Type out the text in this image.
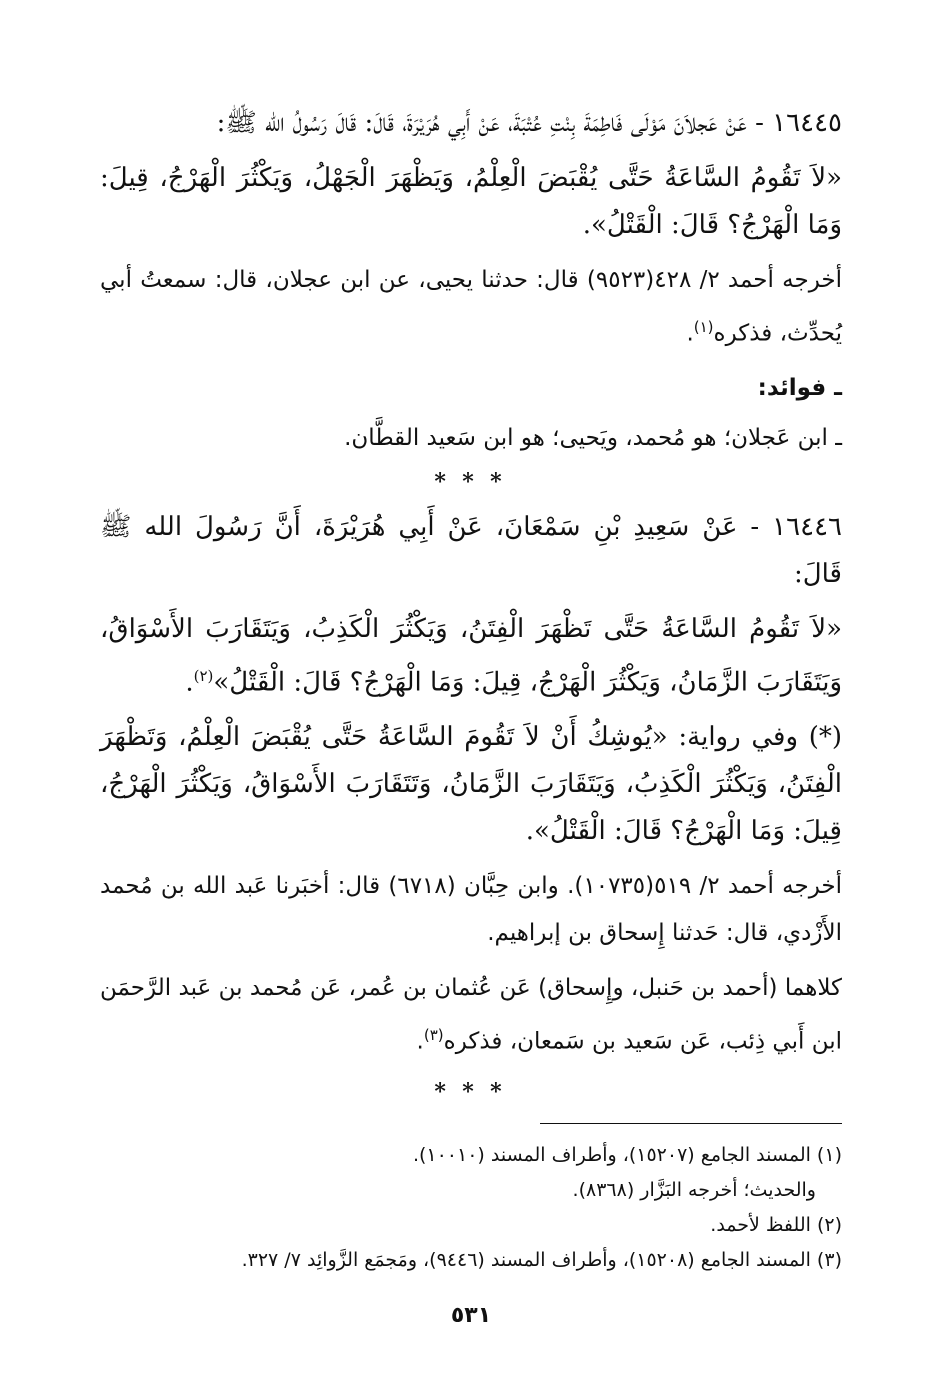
١٦٤٤٥ - عَنْ عَجلاَنَ مَوْلَى فَاطِمَةَ بِنْتِ عُتْبَةَ، عَنْ أَبِي هُرَيْرَةَ، قَالَ: قَالَ رَسُولُ الله ﷺ:

«لاَ تَقُومُ السَّاعَةُ حَتَّى يُقْبَضَ الْعِلْمُ، وَيَظْهَرَ الْجَهْلُ، وَيَكْثُرَ الْهَرْجُ، قِيلَ: وَمَا الْهَرْجُ؟ قَالَ: الْقَتْلُ».

أخرجه أحمد ٢/ ٤٢٨(٩٥٢٣) قال: حدثنا يحيى، عن ابن عجلان، قال: سمعتُ أبي يُحدِّث، فذكره$^{(١)}$.

ـ فوائد:

ـ ابن عَجلان؛ هو مُحمد، ويَحيى؛ هو ابن سَعيد القطَّان.

* * *

١٦٤٤٦ - عَنْ سَعِيدِ بْنِ سَمْعَانَ، عَنْ أَبِي هُرَيْرَةَ، أَنَّ رَسُولَ الله ﷺ قَالَ:

«لاَ تَقُومُ السَّاعَةُ حَتَّى تَظْهَرَ الْفِتَنُ، وَيَكْثُرَ الْكَذِبُ، وَيَتَقَارَبَ الأَسْوَاقُ، وَيَتَقَارَبَ الزَّمَانُ، وَيَكْثُرَ الْهَرْجُ، قِيلَ: وَمَا الْهَرْجُ؟ قَالَ: الْقَتْلُ»$^{(٢)}$.

(*) وفي رواية: «يُوشِكُ أَنْ لاَ تَقُومَ السَّاعَةُ حَتَّى يُقْبَضَ الْعِلْمُ، وَتَظْهَرَ الْفِتَنُ، وَيَكْثُرَ الْكَذِبُ، وَيَتَقَارَبَ الزَّمَانُ، وَتَتَقَارَبَ الأَسْوَاقُ، وَيَكْثُرَ الْهَرْجُ، قِيلَ: وَمَا الْهَرْجُ؟ قَالَ: الْقَتْلُ».

أخرجه أحمد ٢/ ٥١٩(١٠٧٣٥). وابن حِبَّان (٦٧١٨) قال: أخبَرنا عَبد الله بن مُحمد الأَزْدي، قال: حَدثنا إِسحاق بن إبراهيم.

كلاهما (أحمد بن حَنبل، وإِسحاق) عَن عُثمان بن عُمر، عَن مُحمد بن عَبد الرَّحمَن ابن أَبي ذِئب، عَن سَعيد بن سَمعان، فذكره$^{(٣)}$.

* * *

(١) المسند الجامع (١٥٢٠٧)، وأطراف المسند (١٠٠١٠).

والحديث؛ أخرجه البَزَّار (٨٣٦٨).

(٢) اللفظ لأحمد.

(٣) المسند الجامع (١٥٢٠٨)، وأطراف المسند (٩٤٤٦)، ومَجمَع الزَّوائِد ٧/ ٣٢٧.

٥٣١
